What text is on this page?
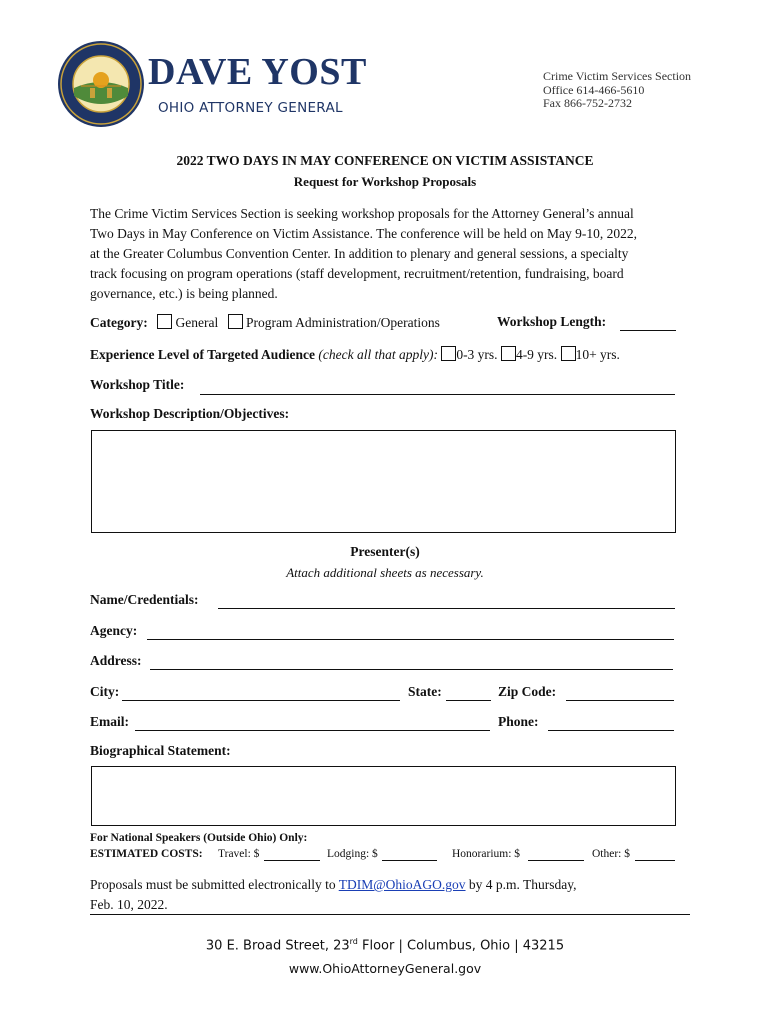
DAVE YOST
OHIO ATTORNEY GENERAL
Crime Victim Services Section
Office 614-466-5610
Fax 866-752-2732
2022 TWO DAYS IN MAY CONFERENCE ON VICTIM ASSISTANCE
Request for Workshop Proposals
The Crime Victim Services Section is seeking workshop proposals for the Attorney General’s annual
Two Days in May Conference on Victim Assistance. The conference will be held on May 9-10, 2022,
at the Greater Columbus Convention Center. In addition to plenary and general sessions, a specialty
track focusing on program operations (staff development, recruitment/retention, fundraising, board
governance, etc.) is being planned.
Category: General Program Administration/Operations	Workshop Length:
Experience Level of Targeted Audience (check all that apply): 0-3 yrs. 4-9 yrs. 10+ yrs.
Workshop Title:
Workshop Description/Objectives:
Presenter(s)
Attach additional sheets as necessary.
Name/Credentials:
Agency:
Address:
City:	State:	Zip Code:
Email:	Phone:
Biographical Statement:
For National Speakers (Outside Ohio) Only:
ESTIMATED COSTS: Travel: $	Lodging: $	Honorarium: $	Other: $
Proposals must be submitted electronically to TDIM@OhioAGO.gov by 4 p.m. Thursday,
Feb. 10, 2022.
30 E. Broad Street, 23rd Floor | Columbus, Ohio | 43215
www.OhioAttorneyGeneral.gov
